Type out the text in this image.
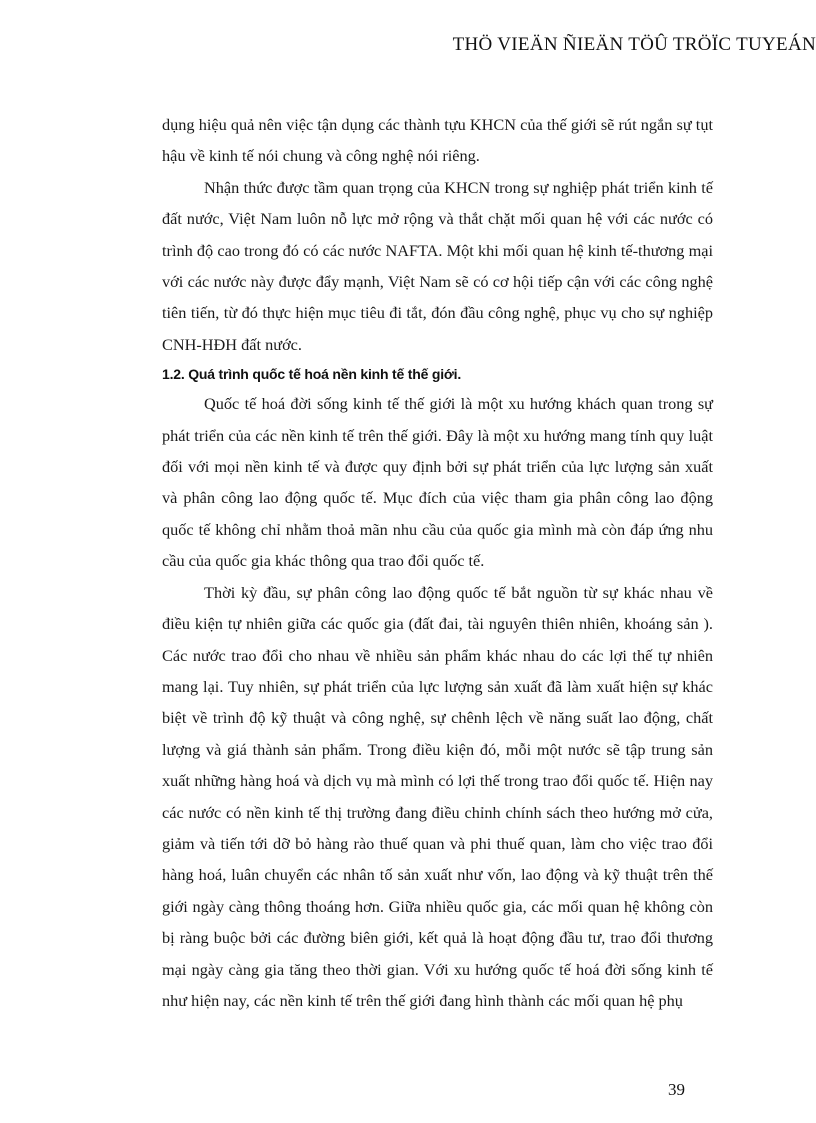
THÖ VIEÄN ÑIEÄN TÖÛ TRÖÏC TUYEÁN

dụng hiệu quả nên việc tận dụng các thành tựu KHCN của thế giới sẽ rút ngắn sự tụt hậu về kinh tế nói chung và công nghệ nói riêng.

Nhận thức được tầm quan trọng của KHCN trong sự nghiệp phát triển kinh tế đất nước, Việt Nam luôn nỗ lực mở rộng và thắt chặt mối quan hệ với các nước có trình độ cao trong đó có các nước NAFTA. Một khi mối quan hệ kinh tế-thương mại với các nước này được đẩy mạnh, Việt Nam sẽ có cơ hội tiếp cận với các công nghệ tiên tiến, từ đó thực hiện mục tiêu đi tắt, đón đầu công nghệ, phục vụ cho sự nghiệp CNH-HĐH đất nước.

1.2. Quá trình quốc tế hoá nền kinh tế thế giới.

Quốc tế hoá đời sống kinh tế thế giới là một xu hướng khách quan trong sự phát triển của các nền kinh tế trên thế giới. Đây là một xu hướng mang tính quy luật đối với mọi nền kinh tế và được quy định bởi sự phát triển của lực lượng sản xuất và phân công lao động quốc tế. Mục đích của việc tham gia phân công lao động quốc tế không chỉ nhằm thoả mãn nhu cầu của quốc gia mình mà còn đáp ứng nhu cầu của quốc gia khác thông qua trao đổi quốc tế.

Thời kỳ đầu, sự phân công lao động quốc tế bắt nguồn từ sự khác nhau về điều kiện tự nhiên giữa các quốc gia (đất đai, tài nguyên thiên nhiên, khoáng sản ). Các nước trao đổi cho nhau về nhiều sản phẩm khác nhau do các lợi thế tự nhiên mang lại. Tuy nhiên, sự phát triển của lực lượng sản xuất đã làm xuất hiện sự khác biệt về trình độ kỹ thuật và công nghệ, sự chênh lệch về năng suất lao động, chất lượng và giá thành sản phẩm. Trong điều kiện đó, mỗi một nước sẽ tập trung sản xuất những hàng hoá và dịch vụ mà mình có lợi thế trong trao đổi quốc tế. Hiện nay các nước có nền kinh tế thị trường đang điều chỉnh chính sách theo hướng mở cửa, giảm và tiến tới dỡ bỏ hàng rào thuế quan và phi thuế quan, làm cho việc trao đổi hàng hoá, luân chuyển các nhân tố sản xuất như vốn, lao động và kỹ thuật trên thế giới ngày càng thông thoáng hơn. Giữa nhiều quốc gia, các mối quan hệ không còn bị ràng buộc bởi các đường biên giới, kết quả là hoạt động đầu tư, trao đổi thương mại ngày càng gia tăng theo thời gian. Với xu hướng quốc tế hoá đời sống kinh tế như hiện nay, các nền kinh tế trên thế giới đang hình thành các mối quan hệ phụ

39
